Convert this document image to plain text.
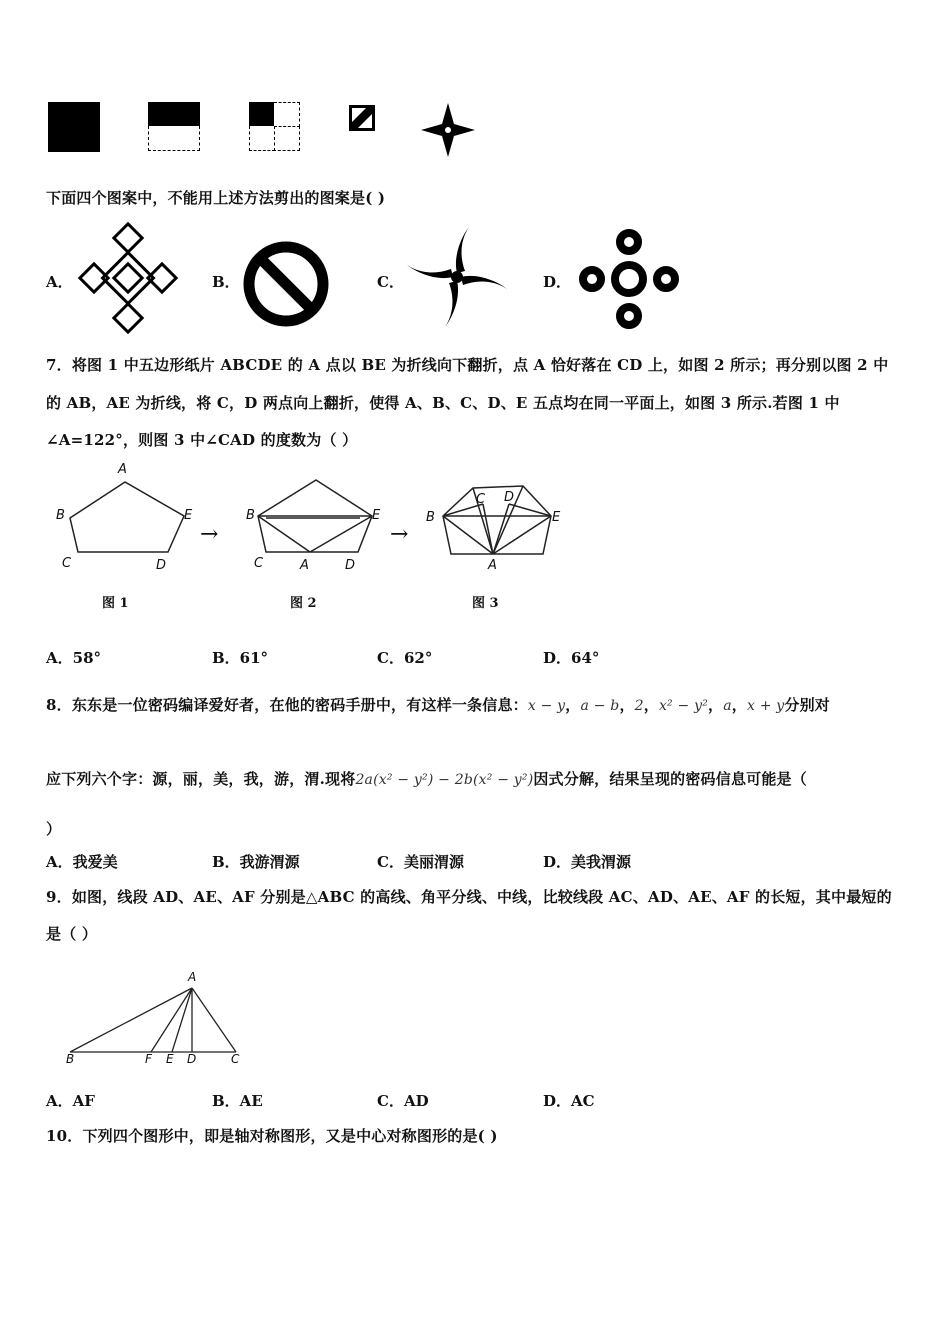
下面四个图案中，不能用上述方法剪出的图案是( )
A．	B．	C．	D．
7．将图 1 中五边形纸片 ABCDE 的 A 点以 BE 为折线向下翻折，点 A 恰好落在 CD 上，如图 2 所示；再分别以图 2 中
的 AB，AE 为折线，将 C，D 两点向上翻折，使得 A、B、C、D、E 五点均在同一平面上，如图 3 所示.若图 1 中
∠A=122°，则图 3 中∠CAD 的度数为（ ）
A
B	E
C	D
图 1
→
B	E
C	A	D
图 2
→
C D
B	E
A
图 3
A．58°	B．61°	C．62°	D．64°
8．东东是一位密码编译爱好者，在他的密码手册中，有这样一条信息：x − y，a − b，2，x² − y²，a，x + y分别对
应下列六个字：源，丽，美，我，游，渭.现将2a(x² − y²) − 2b(x² − y²)因式分解，结果呈现的密码信息可能是（
）
A．我爱美	B．我游渭源	C．美丽渭源	D．美我渭源
9．如图，线段 AD、AE、AF 分别是△ABC 的高线、角平分线、中线，比较线段 AC、AD、AE、AF 的长短，其中最短的
是（ ）
A
B	F E D	C
A．AF	B．AE	C．AD	D．AC
10．下列四个图形中，即是轴对称图形，又是中心对称图形的是( )
